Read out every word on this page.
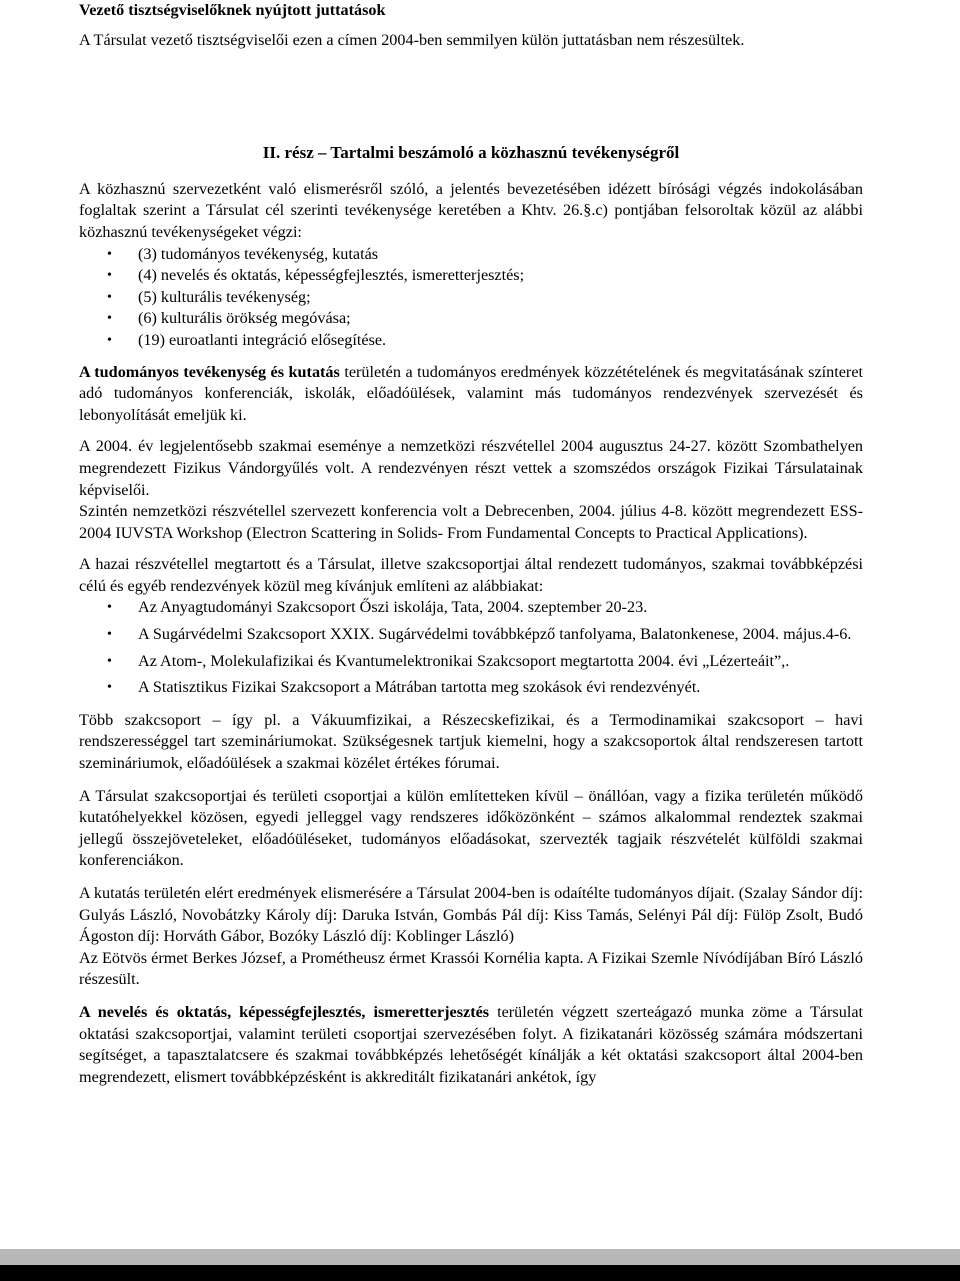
Vezető tisztségviselőknek nyújtott juttatások

A Társulat vezető tisztségviselői ezen a címen 2004-ben semmilyen külön juttatásban nem részesültek.

II. rész – Tartalmi beszámoló a közhasznú tevékenységről

A közhasznú szervezetként való elismerésről szóló, a jelentés bevezetésében idézett bírósági végzés indokolásában foglaltak szerint a Társulat cél szerinti tevékenysége keretében a Khtv. 26.§.c) pontjában felsoroltak közül az alábbi közhasznú tevékenységeket végzi:

• (3) tudományos tevékenység, kutatás
• (4) nevelés és oktatás, képességfejlesztés, ismeretterjesztés;
• (5) kulturális tevékenység;
• (6) kulturális örökség megóvása;
• (19) euroatlanti integráció elősegítése.

A tudományos tevékenység és kutatás területén a tudományos eredmények közzétételének és megvitatásának színteret adó tudományos konferenciák, iskolák, előadóülések, valamint más tudományos rendezvények szervezését és lebonyolítását emeljük ki.

A 2004. év legjelentősebb szakmai eseménye a nemzetközi részvétellel 2004 augusztus 24-27. között Szombathelyen megrendezett Fizikus Vándorgyűlés volt. A rendezvényen részt vettek a szomszédos országok Fizikai Társulatainak képviselői.

Szintén nemzetközi részvétellel szervezett konferencia volt a Debrecenben, 2004. július 4-8. között megrendezett ESS-2004 IUVSTA Workshop (Electron Scattering in Solids- From Fundamental Concepts to Practical Applications).

A hazai részvétellel megtartott és a Társulat, illetve szakcsoportjai által rendezett tudományos, szakmai továbbképzési célú és egyéb rendezvények közül meg kívánjuk említeni az alábbiakat:

• Az Anyagtudományi Szakcsoport Őszi iskolája, Tata, 2004. szeptember 20-23.
• A Sugárvédelmi Szakcsoport XXIX. Sugárvédelmi továbbképző tanfolyama, Balatonkenese, 2004. május.4-6.
• Az Atom-, Molekulafizikai és Kvantumelektronikai Szakcsoport megtartotta 2004. évi „Lézerteáit”,.
• A Statisztikus Fizikai Szakcsoport a Mátrában tartotta meg szokások évi rendezvényét.

Több szakcsoport – így pl. a Vákuumfizikai, a Részecskefizikai, és a Termodinamikai szakcsoport – havi rendszerességgel tart szemináriumokat. Szükségesnek tartjuk kiemelni, hogy a szakcsoportok által rendszeresen tartott szemináriumok, előadóülések a szakmai közélet értékes fórumai.

A Társulat szakcsoportjai és területi csoportjai a külön említetteken kívül – önállóan, vagy a fizika területén működő kutatóhelyekkel közösen, egyedi jelleggel vagy rendszeres időközönként – számos alkalommal rendeztek szakmai jellegű összejöveteleket, előadóüléseket, tudományos előadásokat, szervezték tagjaik részvételét külföldi szakmai konferenciákon.

A kutatás területén elért eredmények elismerésére a Társulat 2004-ben is odaítélte tudományos díjait. (Szalay Sándor díj: Gulyás László, Novobátzky Károly díj: Daruka István, Gombás Pál díj: Kiss Tamás, Selényi Pál díj: Fülöp Zsolt, Budó Ágoston díj: Horváth Gábor, Bozóky László díj: Koblinger László)

Az Eötvös érmet Berkes József, a Prométheusz érmet Krassói Kornélia kapta. A Fizikai Szemle Nívódíjában Bíró László részesült.

A nevelés és oktatás, képességfejlesztés, ismeretterjesztés területén végzett szerteágazó munka zöme a Társulat oktatási szakcsoportjai, valamint területi csoportjai szervezésében folyt. A fizikatanári közösség számára módszertani segítséget, a tapasztalatcsere és szakmai továbbképzés lehetőségét kínálják a két oktatási szakcsoport által 2004-ben megrendezett, elismert továbbképzésként is akkreditált fizikatanári ankétok, így
